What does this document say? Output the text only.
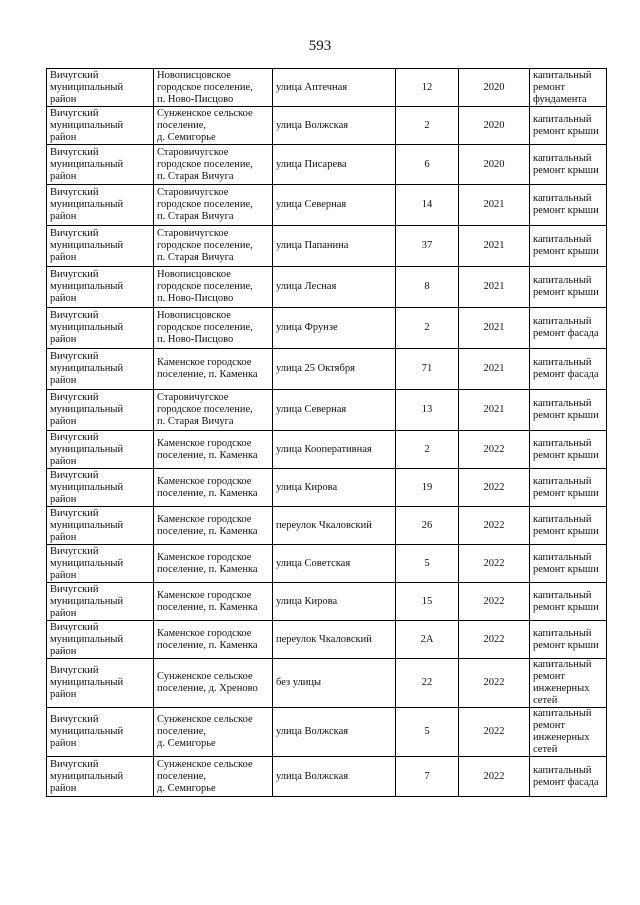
593
Вичугский
муниципальный
район	Новописцовское
городское поселение,
п. Ново-Писцово	улица Аптечная	12	2020	капитальный
ремонт
фундамента
Вичугский
муниципальный
район	Сунженское сельское
поселение,
д. Семигорье	улица Волжская	2	2020	капитальный
ремонт крыши
Вичугский
муниципальный
район	Старовичугское
городское поселение,
п. Старая Вичуга	улица Писарева	6	2020	капитальный
ремонт крыши
Вичугский
муниципальный
район	Старовичугское
городское поселение,
п. Старая Вичуга	улица Северная	14	2021	капитальный
ремонт крыши
Вичугский
муниципальный
район	Старовичугское
городское поселение,
п. Старая Вичуга	улица Папанина	37	2021	капитальный
ремонт крыши
Вичугский
муниципальный
район	Новописцовское
городское поселение,
п. Ново-Писцово	улица Лесная	8	2021	капитальный
ремонт крыши
Вичугский
муниципальный
район	Новописцовское
городское поселение,
п. Ново-Писцово	улица Фрунзе	2	2021	капитальный
ремонт фасада
Вичугский
муниципальный
район	Каменское городское
поселение, п. Каменка	улица 25 Октября	71	2021	капитальный
ремонт фасада
Вичугский
муниципальный
район	Старовичугское
городское поселение,
п. Старая Вичуга	улица Северная	13	2021	капитальный
ремонт крыши
Вичугский
муниципальный
район	Каменское городское
поселение, п. Каменка	улица Кооперативная	2	2022	капитальный
ремонт крыши
Вичугский
муниципальный
район	Каменское городское
поселение, п. Каменка	улица Кирова	19	2022	капитальный
ремонт крыши
Вичугский
муниципальный
район	Каменское городское
поселение, п. Каменка	переулок Чкаловский	26	2022	капитальный
ремонт крыши
Вичугский
муниципальный
район	Каменское городское
поселение, п. Каменка	улица Советская	5	2022	капитальный
ремонт крыши
Вичугский
муниципальный
район	Каменское городское
поселение, п. Каменка	улица Кирова	15	2022	капитальный
ремонт крыши
Вичугский
муниципальный
район	Каменское городское
поселение, п. Каменка	переулок Чкаловский	2А	2022	капитальный
ремонт крыши
Вичугский
муниципальный
район	Сунженское сельское
поселение, д. Хреново	без улицы	22	2022	капитальный
ремонт
инженерных
сетей
Вичугский
муниципальный
район	Сунженское сельское
поселение,
д. Семигорье	улица Волжская	5	2022	капитальный
ремонт
инженерных
сетей
Вичугский
муниципальный
район	Сунженское сельское
поселение,
д. Семигорье	улица Волжская	7	2022	капитальный
ремонт фасада
